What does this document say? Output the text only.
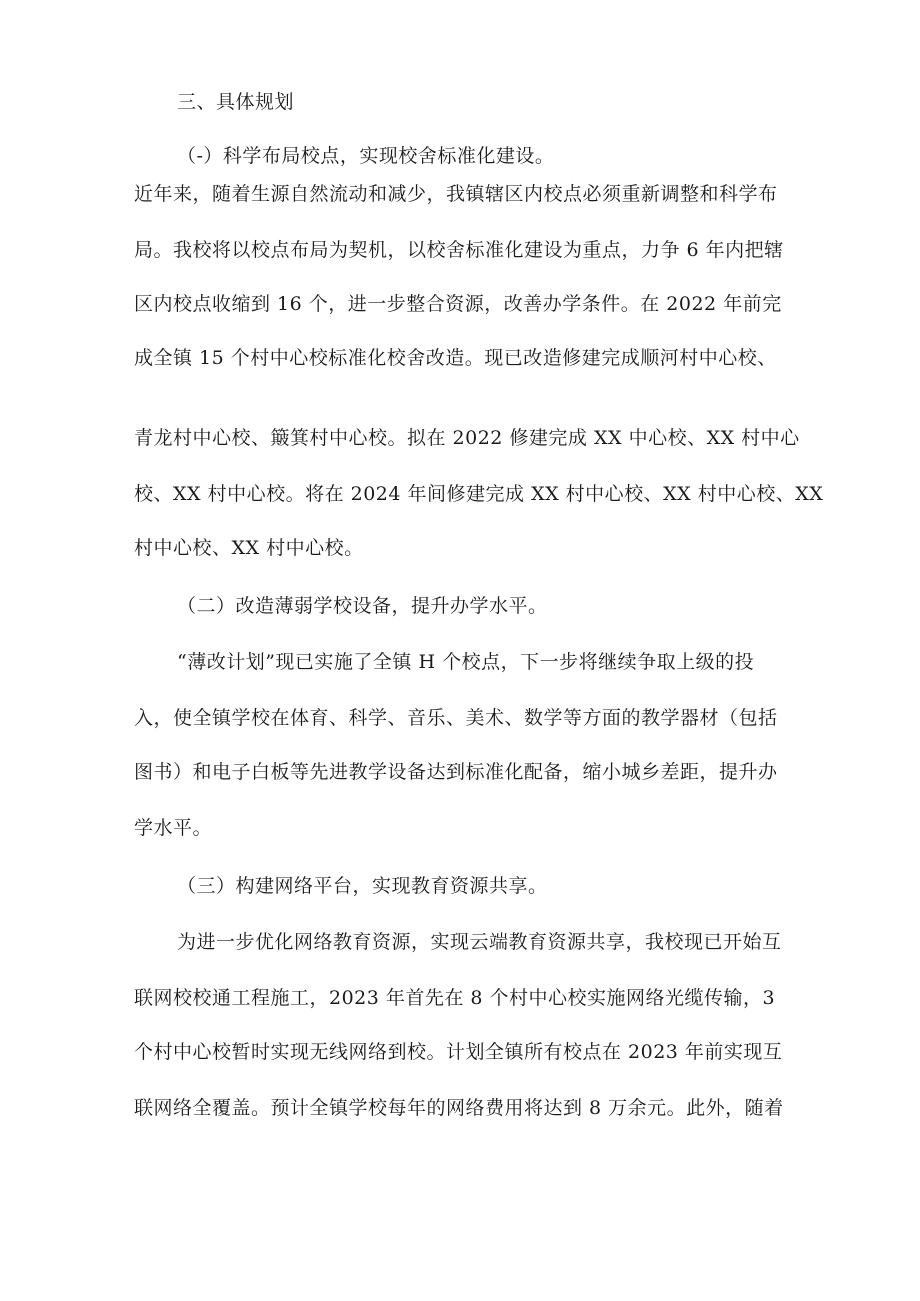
三、具体规划
（-）科学布局校点，实现校舍标准化建设。
近年来，随着生源自然流动和减少，我镇辖区内校点必须重新调整和科学布
局。我校将以校点布局为契机，以校舍标准化建设为重点，力争 6 年内把辖
区内校点收缩到 16 个，进一步整合资源，改善办学条件。在 2022 年前完
成全镇 15 个村中心校标准化校舍改造。现已改造修建完成顺河村中心校、
青龙村中心校、簸箕村中心校。拟在 2022 修建完成 XX 中心校、XX 村中心
校、XX 村中心校。将在 2024 年间修建完成 XX 村中心校、XX 村中心校、XX
村中心校、XX 村中心校。
（二）改造薄弱学校设备，提升办学水平。
“薄改计划”现已实施了全镇 H 个校点，下一步将继续争取上级的投
入，使全镇学校在体育、科学、音乐、美术、数学等方面的教学器材（包括
图书）和电子白板等先进教学设备达到标准化配备，缩小城乡差距，提升办
学水平。
（三）构建网络平台，实现教育资源共享。
为进一步优化网络教育资源，实现云端教育资源共享，我校现已开始互
联网校校通工程施工，2023 年首先在 8 个村中心校实施网络光缆传输，3
个村中心校暂时实现无线网络到校。计划全镇所有校点在 2023 年前实现互
联网络全覆盖。预计全镇学校每年的网络费用将达到 8 万余元。此外，随着
